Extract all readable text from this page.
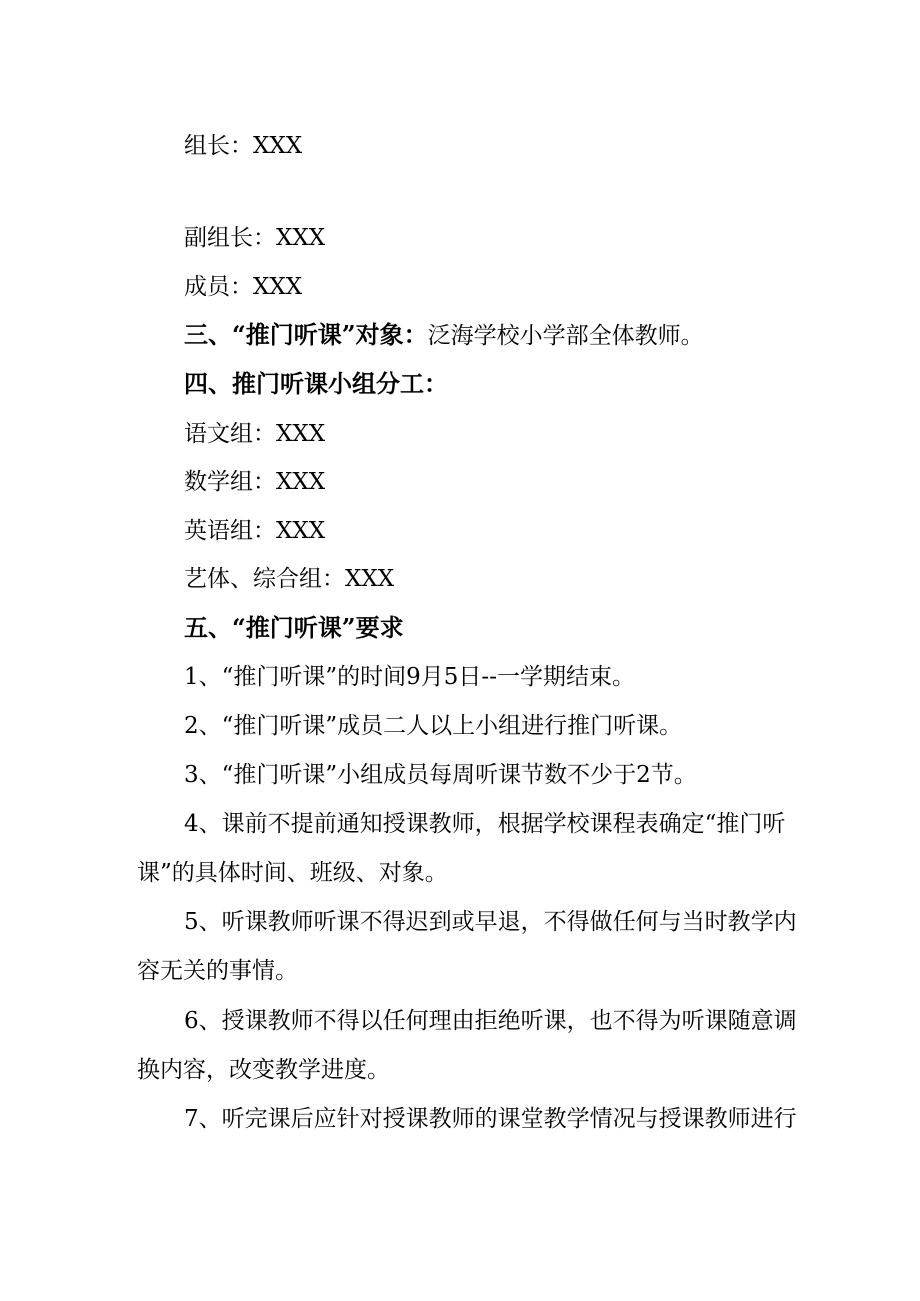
组长：XXX

副组长：XXX

成员：XXX

三、“推门听课”对象：泛海学校小学部全体教师。

四、推门听课小组分工：

语文组：XXX

数学组：XXX

英语组：XXX

艺体、综合组：XXX

五、“推门听课”要求

1、“推门听课”的时间9月5日--一学期结束。

2、“推门听课”成员二人以上小组进行推门听课。

3、“推门听课”小组成员每周听课节数不少于2节。

4、课前不提前通知授课教师，根据学校课程表确定“推门听

课”的具体时间、班级、对象。

5、听课教师听课不得迟到或早退，不得做任何与当时教学内

容无关的事情。

6、授课教师不得以任何理由拒绝听课，也不得为听课随意调

换内容，改变教学进度。

7、听完课后应针对授课教师的课堂教学情况与授课教师进行
